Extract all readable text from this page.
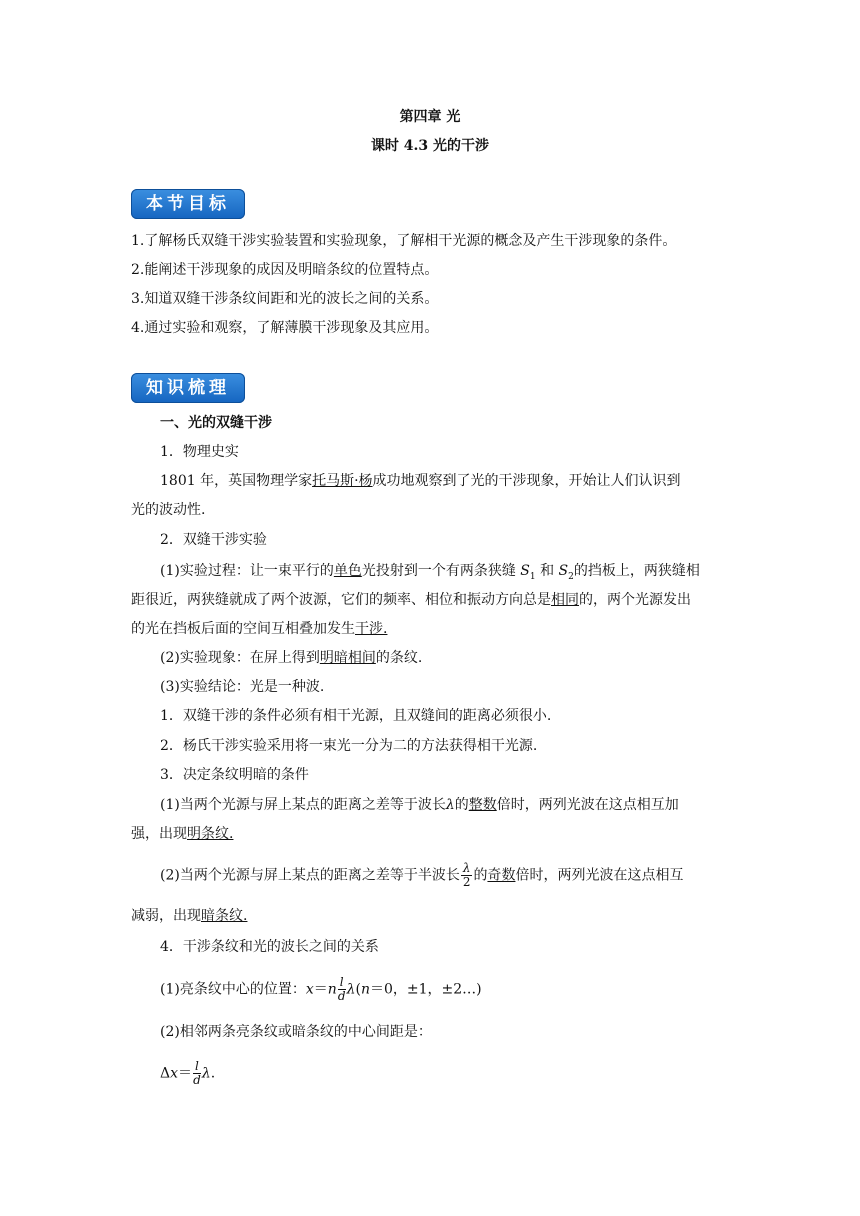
第四章 光
课时 4.3 光的干涉
本节目标
1.了解杨氏双缝干涉实验装置和实验现象，了解相干光源的概念及产生干涉现象的条件。
2.能阐述干涉现象的成因及明暗条纹的位置特点。
3.知道双缝干涉条纹间距和光的波长之间的关系。
4.通过实验和观察，了解薄膜干涉现象及其应用。
知识梳理
一、光的双缝干涉
1．物理史实
1801 年，英国物理学家托马斯·杨成功地观察到了光的干涉现象，开始让人们认识到
光的波动性.
2．双缝干涉实验
(1)实验过程：让一束平行的单色光投射到一个有两条狭缝 $S_1$ 和 $S_2$的挡板上，两狭缝相
距很近，两狭缝就成了两个波源，它们的频率、相位和振动方向总是相同的，两个光源发出
的光在挡板后面的空间互相叠加发生干涉.
(2)实验现象：在屏上得到明暗相间的条纹.
(3)实验结论：光是一种波.
1．双缝干涉的条件必须有相干光源，且双缝间的距离必须很小.
2．杨氏干涉实验采用将一束光一分为二的方法获得相干光源.
3．决定条纹明暗的条件
(1)当两个光源与屏上某点的距离之差等于波长λ的整数倍时，两列光波在这点相互加
强，出现明条纹.
(2)当两个光源与屏上某点的距离之差等于半波长 $\frac{\lambda}{2}$ 的奇数倍时，两列光波在这点相互
减弱，出现暗条纹.
4．干涉条纹和光的波长之间的关系
(1)亮条纹中心的位置：$x=n \frac{l}{d} \lambda(n=0$，±1，±2…)
(2)相邻两条亮条纹或暗条纹的中心间距是：
$\Delta x= \frac{l}{d} \lambda$.
